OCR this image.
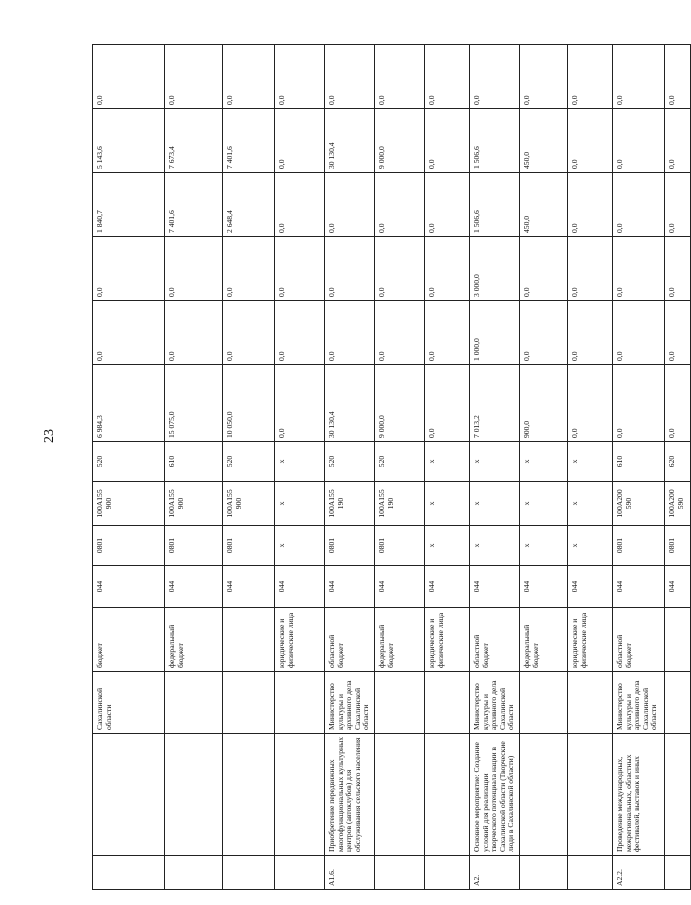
23
		Сахалинской области	бюджет	044	0801	100А155 900	520	6 984,3	0,0	0,0	1 840,7	5 143,6	0,0
			федеральный бюджет	044	0801	100А155 900	610	15 075,0	0,0	0,0	7 401,6	7 673,4	0,0
				044	0801	100А155 900	520	10 050,0	0,0	0,0	2 648,4	7 401,6	0,0
			юридические и физические лица	044	х	х	х	0,0	0,0	0,0	0,0	0,0	0,0
А1.6.	Приобретение передвижных многофункциональных культурных центров (автоклубов) для обслуживания сельского населения	Министерство культуры и архивного дела Сахалинской области	областной бюджет	044	0801	100А155 190	520	30 130,4	0,0	0,0	0,0	30 130,4	0,0
			федеральный бюджет	044	0801	100А155 190	520	9 000,0	0,0	0,0	0,0	9 000,0	0,0
			юридические и физические лица	044	х	х	х	0,0	0,0	0,0	0,0	0,0	0,0
А2.	Основное мероприятие: Создание условий для реализации творческого потенциала нации в Сахалинской области (Творческие люди в Сахалинской области)	Министерство культуры и архивного дела Сахалинской области	областной бюджет	044	х	х	х	7 013,2	1 000,0	3 000,0	1 506,6	1 506,6	0,0
			федеральный бюджет	044	х	х	х	900,0	0,0	0,0	450,0	450,0	0,0
			юридические и физические лица	044	х	х	х	0,0	0,0	0,0	0,0	0,0	0,0
А2.2.	Проведение международных, межрегиональных, областных фестивалей, выставок и иных	Министерство культуры и архивного дела Сахалинской области	областной бюджет	044	0801	100А200 590	610	0,0	0,0	0,0	0,0	0,0	0,0
				044	0801	100А200 590	620	0,0	0,0	0,0	0,0	0,0	0,0
